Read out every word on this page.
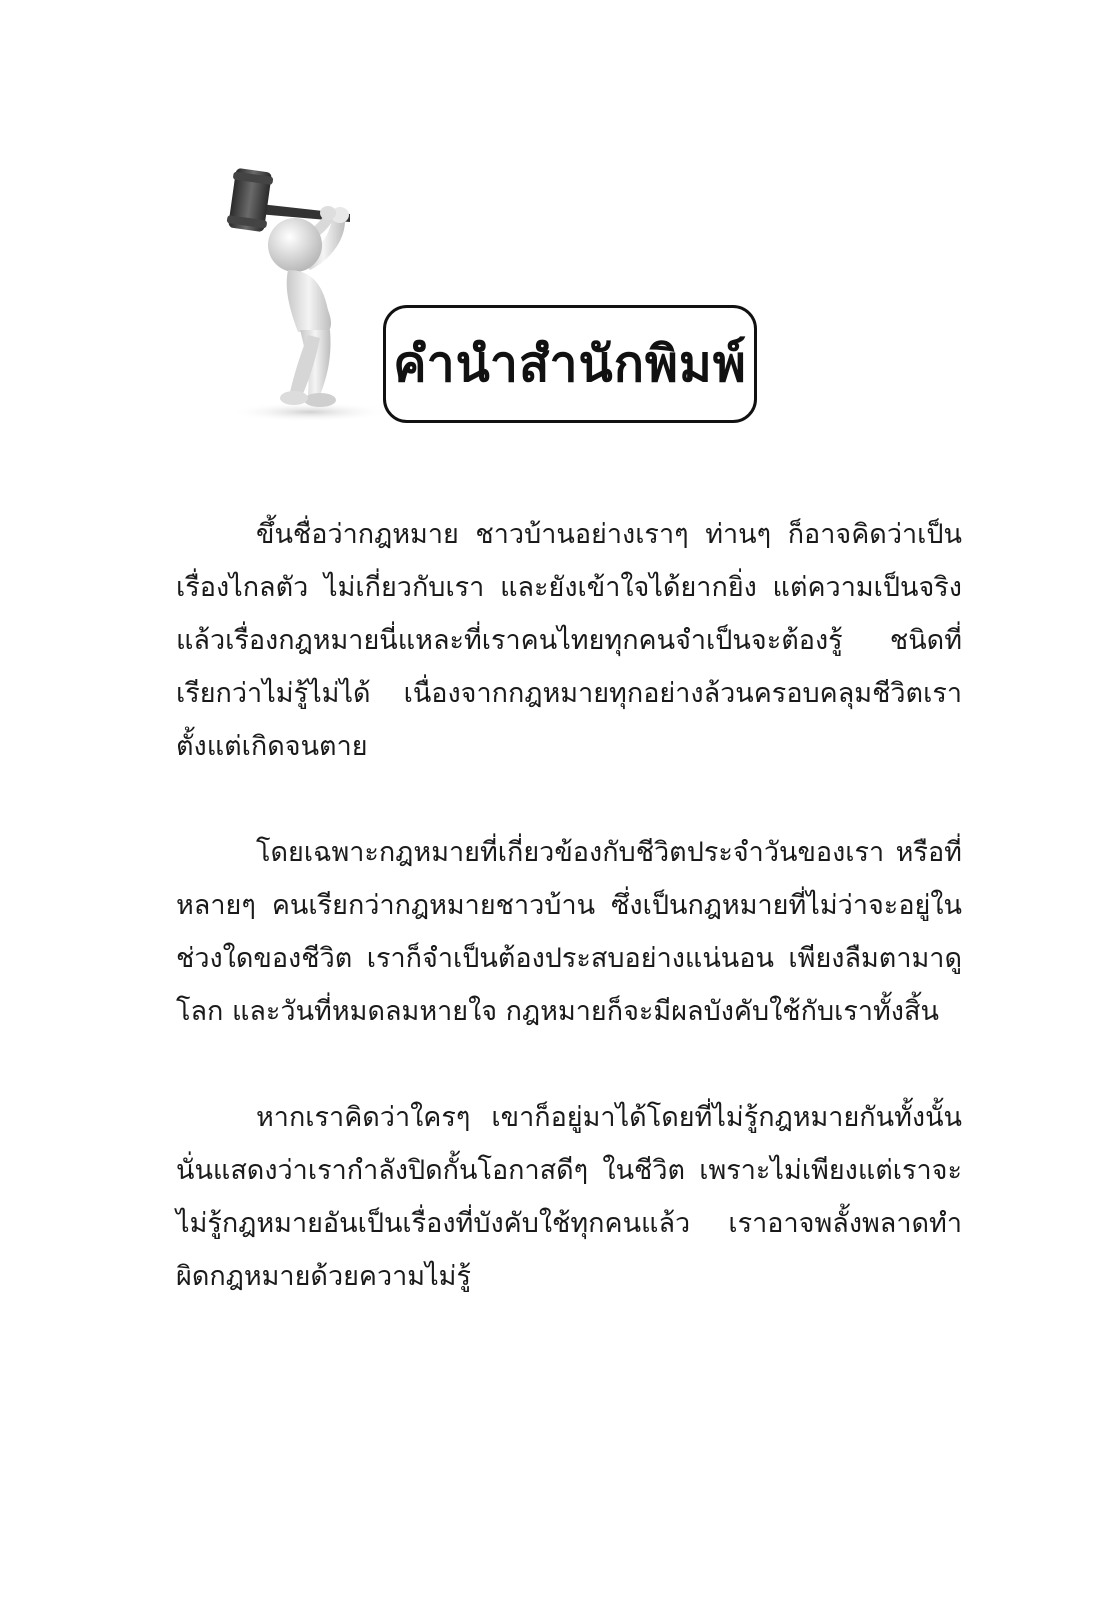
คำนำสำนักพิมพ์

ขึ้นชื่อว่ากฎหมาย ชาวบ้านอย่างเราๆ ท่านๆ ก็อาจคิดว่าเป็นเรื่องไกลตัว ไม่เกี่ยวกับเรา และยังเข้าใจได้ยากยิ่ง แต่ความเป็นจริงแล้วเรื่องกฎหมายนี่แหละที่เราคนไทยทุกคนจำเป็นจะต้องรู้ ชนิดที่เรียกว่าไม่รู้ไม่ได้ เนื่องจากกฎหมายทุกอย่างล้วนครอบคลุมชีวิตเราตั้งแต่เกิดจนตาย

โดยเฉพาะกฎหมายที่เกี่ยวข้องกับชีวิตประจำวันของเรา หรือที่หลายๆ คนเรียกว่ากฎหมายชาวบ้าน ซึ่งเป็นกฎหมายที่ไม่ว่าจะอยู่ในช่วงใดของชีวิต เราก็จำเป็นต้องประสบอย่างแน่นอน เพียงลืมตามาดูโลก และวันที่หมดลมหายใจ กฎหมายก็จะมีผลบังคับใช้กับเราทั้งสิ้น

หากเราคิดว่าใครๆ เขาก็อยู่มาได้โดยที่ไม่รู้กฎหมายกันทั้งนั้น นั่นแสดงว่าเรากำลังปิดกั้นโอกาสดีๆ ในชีวิต เพราะไม่เพียงแต่เราจะไม่รู้กฎหมายอันเป็นเรื่องที่บังคับใช้ทุกคนแล้ว เราอาจพลั้งพลาดทำผิดกฎหมายด้วยความไม่รู้
